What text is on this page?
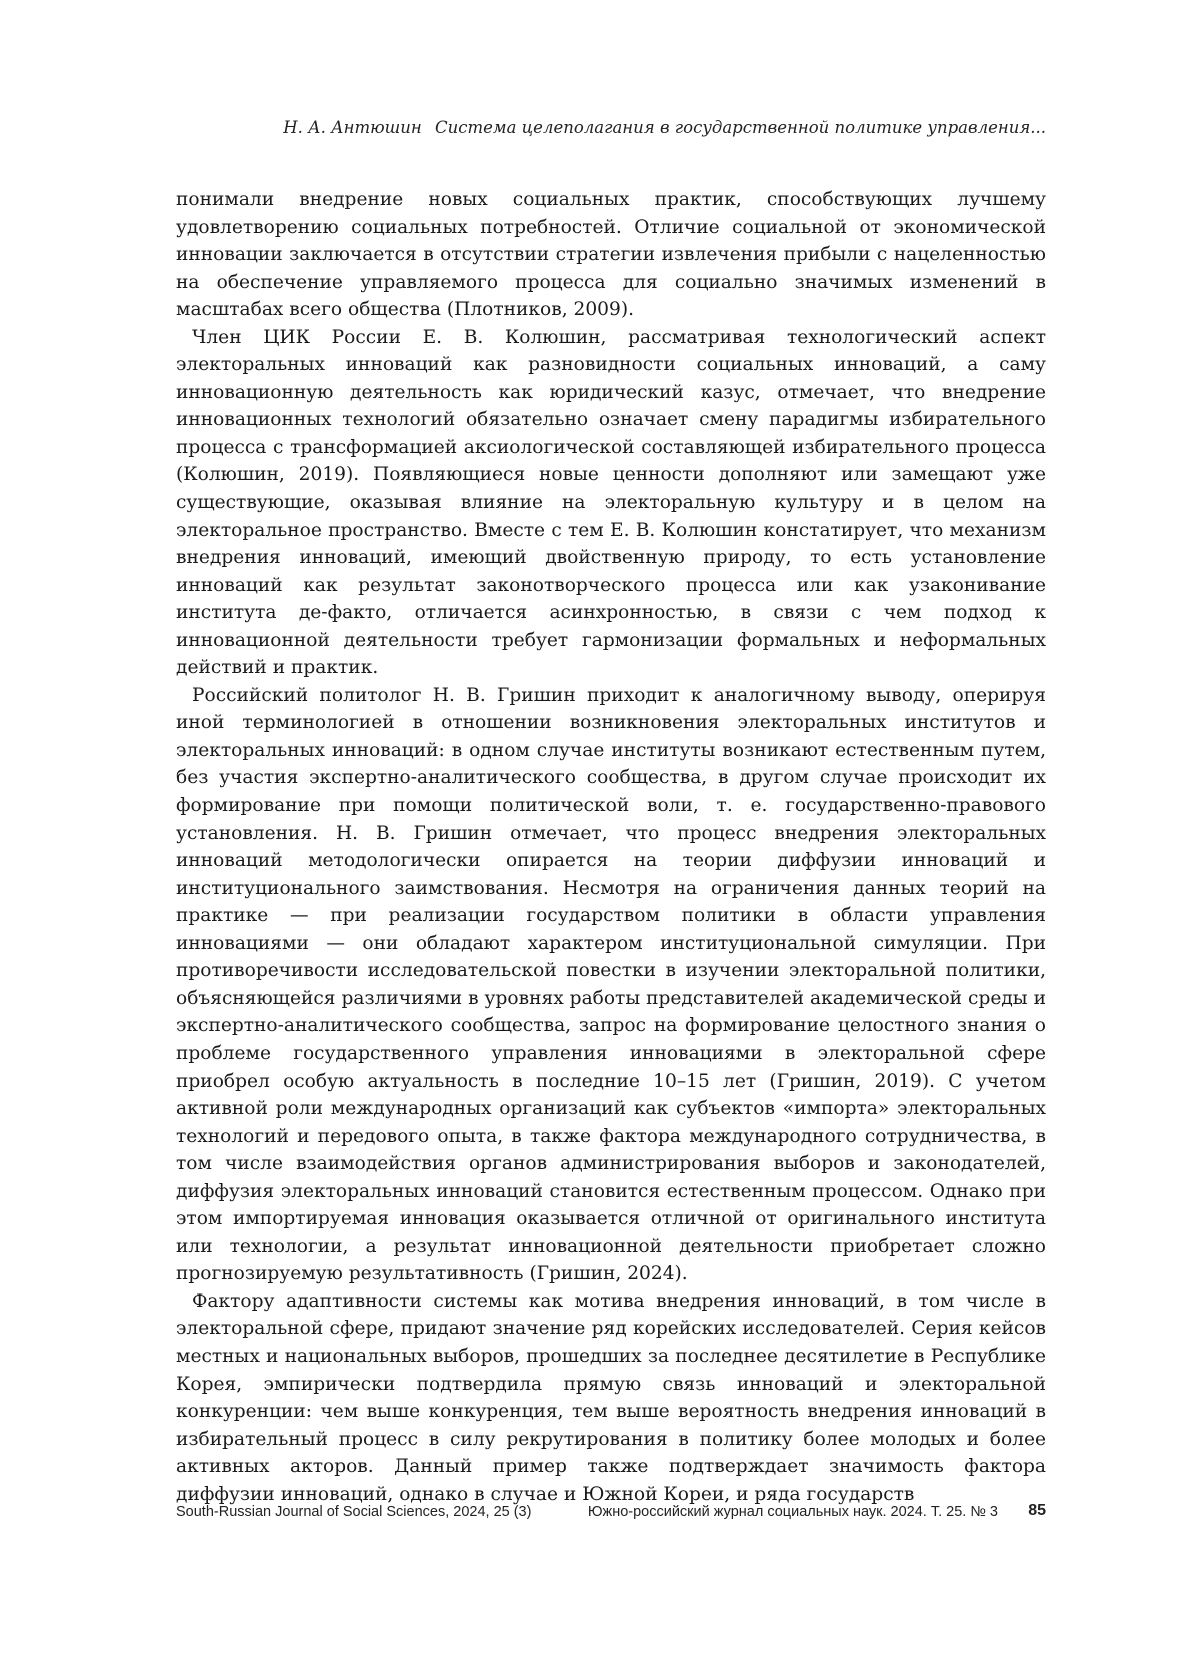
Н. А. Антюшин Система целеполагания в государственной политике управления...

понимали внедрение новых социальных практик, способствующих лучшему удовлетворению социальных потребностей. Отличие социальной от экономической инновации заключается в отсутствии стратегии извлечения прибыли с нацеленностью на обеспечение управляемого процесса для социально значимых изменений в масштабах всего общества (Плотников, 2009).

Член ЦИК России Е. В. Колюшин, рассматривая технологический аспект электоральных инноваций как разновидности социальных инноваций, а саму инновационную деятельность как юридический казус, отмечает, что внедрение инновационных технологий обязательно означает смену парадигмы избирательного процесса с трансформацией аксиологической составляющей избирательного процесса (Колюшин, 2019). Появляющиеся новые ценности дополняют или замещают уже существующие, оказывая влияние на электоральную культуру и в целом на электоральное пространство. Вместе с тем Е. В. Колюшин констатирует, что механизм внедрения инноваций, имеющий двойственную природу, то есть установление инноваций как результат законотворческого процесса или как узаконивание института де-факто, отличается асинхронностью, в связи с чем подход к инновационной деятельности требует гармонизации формальных и неформальных действий и практик.

Российский политолог Н. В. Гришин приходит к аналогичному выводу, оперируя иной терминологией в отношении возникновения электоральных институтов и электоральных инноваций: в одном случае институты возникают естественным путем, без участия экспертно-аналитического сообщества, в другом случае происходит их формирование при помощи политической воли, т. е. государственно-правового установления. Н. В. Гришин отмечает, что процесс внедрения электоральных инноваций методологически опирается на теории диффузии инноваций и институционального заимствования. Несмотря на ограничения данных теорий на практике — при реализации государством политики в области управления инновациями — они обладают характером институциональной симуляции. При противоречивости исследовательской повестки в изучении электоральной политики, объясняющейся различиями в уровнях работы представителей академической среды и экспертно-аналитического сообщества, запрос на формирование целостного знания о проблеме государственного управления инновациями в электоральной сфере приобрел особую актуальность в последние 10–15 лет (Гришин, 2019). С учетом активной роли международных организаций как субъектов «импорта» электоральных технологий и передового опыта, в также фактора международного сотрудничества, в том числе взаимодействия органов администрирования выборов и законодателей, диффузия электоральных инноваций становится естественным процессом. Однако при этом импортируемая инновация оказывается отличной от оригинального института или технологии, а результат инновационной деятельности приобретает сложно прогнозируемую результативность (Гришин, 2024).

Фактору адаптивности системы как мотива внедрения инноваций, в том числе в электоральной сфере, придают значение ряд корейских исследователей. Серия кейсов местных и национальных выборов, прошедших за последнее десятилетие в Республике Корея, эмпирически подтвердила прямую связь инноваций и электоральной конкуренции: чем выше конкуренция, тем выше вероятность внедрения инноваций в избирательный процесс в силу рекрутирования в политику более молодых и более активных акторов. Данный пример также подтверждает значимость фактора диффузии инноваций, однако в случае и Южной Кореи, и ряда государств

South-Russian Journal of Social Sciences, 2024, 25 (3)	Южно-российский журнал социальных наук. 2024. Т. 25. № 3 85
